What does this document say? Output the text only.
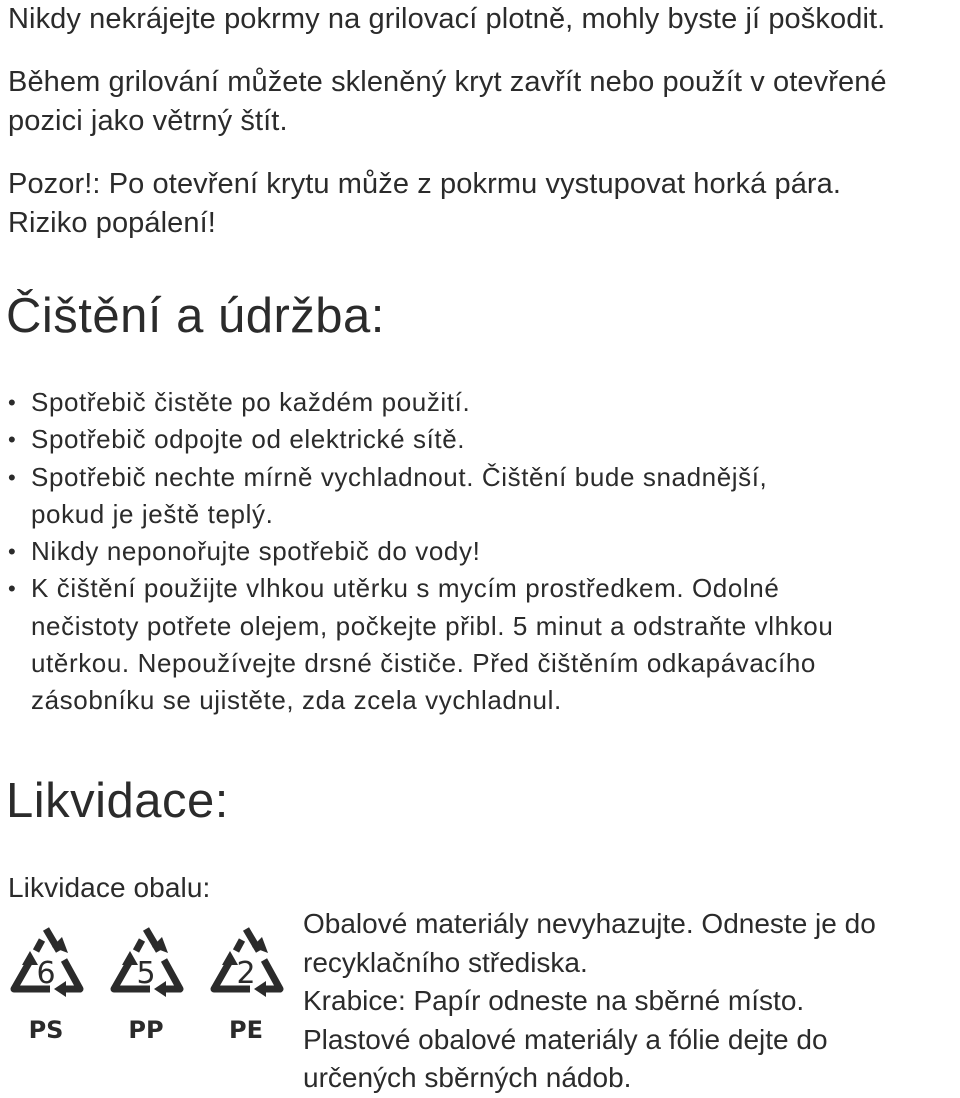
Nikdy nekrájejte pokrmy na grilovací plotně, mohly byste jí poškodit.

Během grilování můžete skleněný kryt zavřít nebo použít v otevřené

pozici jako větrný štít.

Pozor!: Po otevření krytu může z pokrmu vystupovat horká pára.

Riziko popálení!

Čištění a údržba:
• Spotřebič čistěte po každém použití.
• Spotřebič odpojte od elektrické sítě.
• Spotřebič nechte mírně vychladnout. Čištění bude snadnější,
pokud je ještě teplý.
• Nikdy neponořujte spotřebič do vody!
• K čištění použijte vlhkou utěrku s mycím prostředkem. Odolné
nečistoty potřete olejem, počkejte přibl. 5 minut a odstraňte vlhkou
utěrkou. Nepoužívejte drsné čističe. Před čištěním odkapávacího
zásobníku se ujistěte, zda zcela vychladnul.
Likvidace:

Likvidace obalu:

Obalové materiály nevyhazujte. Odneste je do
recyklačního střediska.
Krabice: Papír odneste na sběrné místo.
Plastové obalové materiály a fólie dejte do
určených sběrných nádob.
6
PS
5
PP
2
PE
